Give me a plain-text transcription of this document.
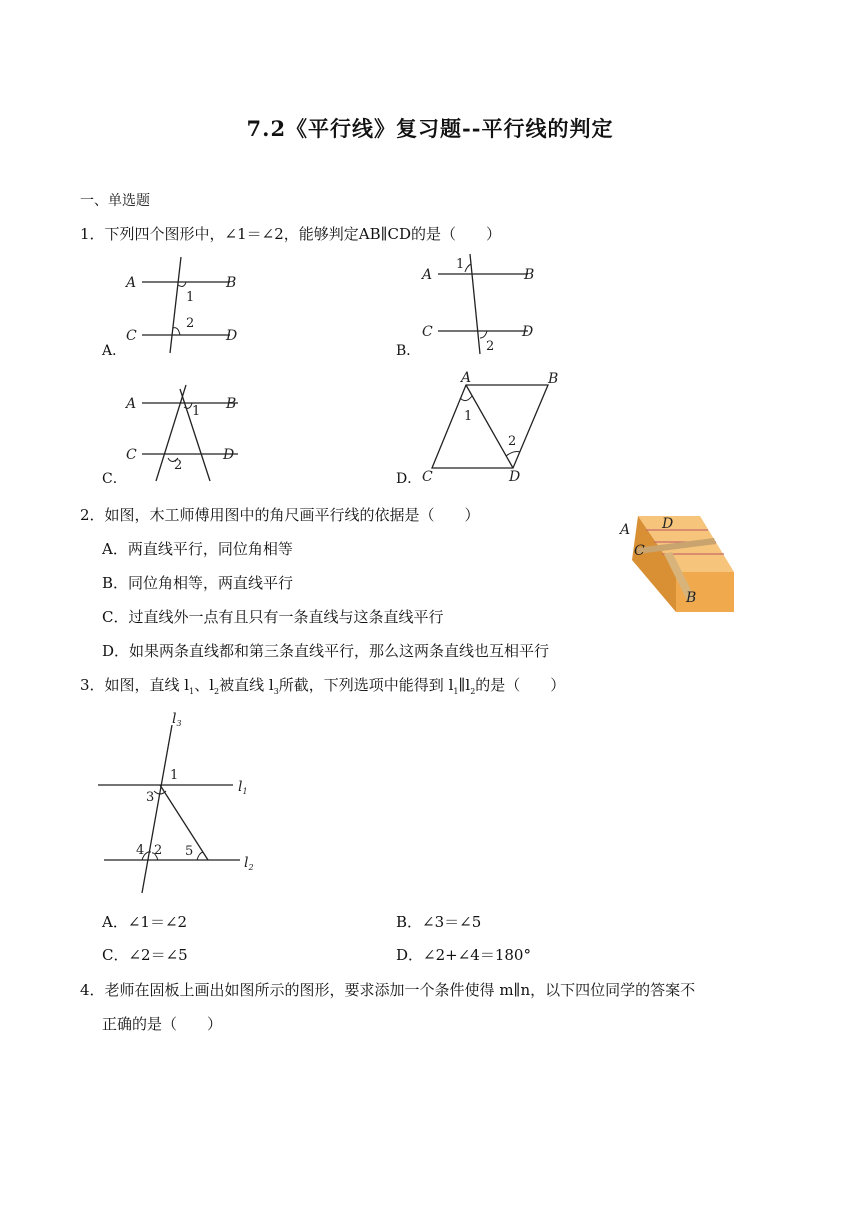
7.2《平行线》复习题--平行线的判定
一、单选题
1．下列四个图形中，∠1＝∠2，能够判定AB∥CD的是（　　）
A	B
C	D
1
2
A．
A	B
C	D
1
2
B．
A	B
C	D
1
2
C．
A	B
C	D
1
2
D．
2．如图，木工师傅用图中的角尺画平行线的依据是（　　）
A．两直线平行，同位角相等
B．同位角相等，两直线平行
C．过直线外一点有且只有一条直线与这条直线平行
D．如果两条直线都和第三条直线平行，那么这两条直线也互相平行
A D
C
B
3．如图，直线 $l_1$、$l_2$被直线 $l_3$所截，下列选项中能得到 $l_1\parallel l_2$的是（　　）
$l_3$
$l_1$
$l_2$
1
3
4 2 5
A．∠1＝∠2	B．∠3＝∠5
C．∠2＝∠5	D．∠2+∠4＝180°
4．老师在固板上画出如图所示的图形，要求添加一个条件使得 m∥n，以下四位同学的答案不
正确的是（　　）
